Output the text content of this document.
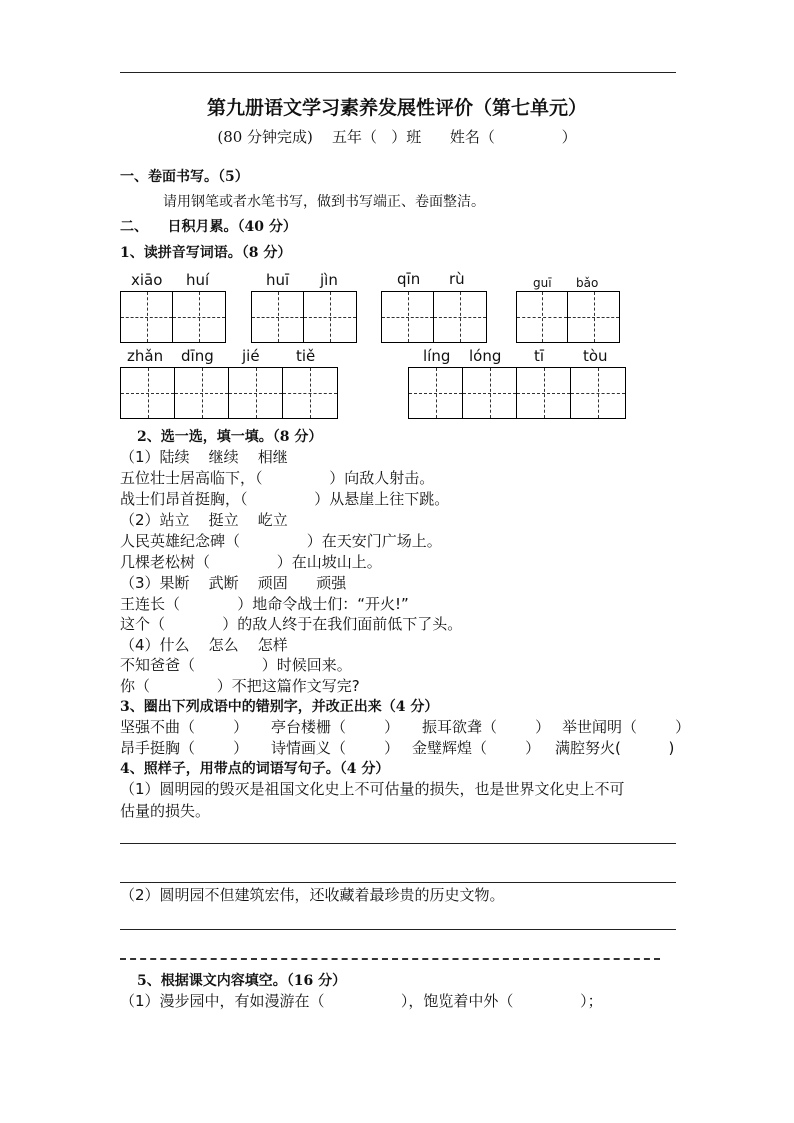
第九册语文学习素养发展性评价（第七单元）
(80 分钟完成)    五年（   ）班      姓名（              ）
一、卷面书写。（5）
请用钢笔或者水笔书写，做到书写端正、卷面整洁。
二、    日积月累。（40 分）
1、读拼音写词语。（8 分）
xiāo huí	huī jìn	qīn rù	guī bǎo
zhǎn dīng jié tiě	líng lóng tī	tòu
2、选一选，填一填。（8 分）
（1）陆续    继续    相继
五位壮士居高临下，（              ）向敌人射击。
战士们昂首挺胸，（              ）从悬崖上往下跳。
（2）站立    挺立    屹立
人民英雄纪念碑（              ）在天安门广场上。
几棵老松树（              ）在山坡山上。
（3）果断    武断    顽固      顽强
王连长（            ）地命令战士们：“开火!”
这个（            ）的敌人终于在我们面前低下了头。
（4）什么    怎么    怎样
不知爸爸（              ）时候回来。
你（              ）不把这篇作文写完?
3、圈出下列成语中的错别字，并改正出来（4 分）
坚强不曲（        ） 亭台楼栅（        ） 振耳欲聋（        ） 举世闻明（        ）
昂手挺胸（        ） 诗情画义（        ） 金璧辉煌（        ） 满腔努火(          )
4、照样子，用带点的词语写句子。（4 分）
（1）圆明园的毁灭是祖国文化史上不可估量的损失，也是世界文化史上不可
估量的损失。
（2）圆明园不但建筑宏伟，还收藏着最珍贵的历史文物。
5、根据课文内容填空。（16 分）
（1）漫步园中，有如漫游在（                ），饱览着中外（              ）；
